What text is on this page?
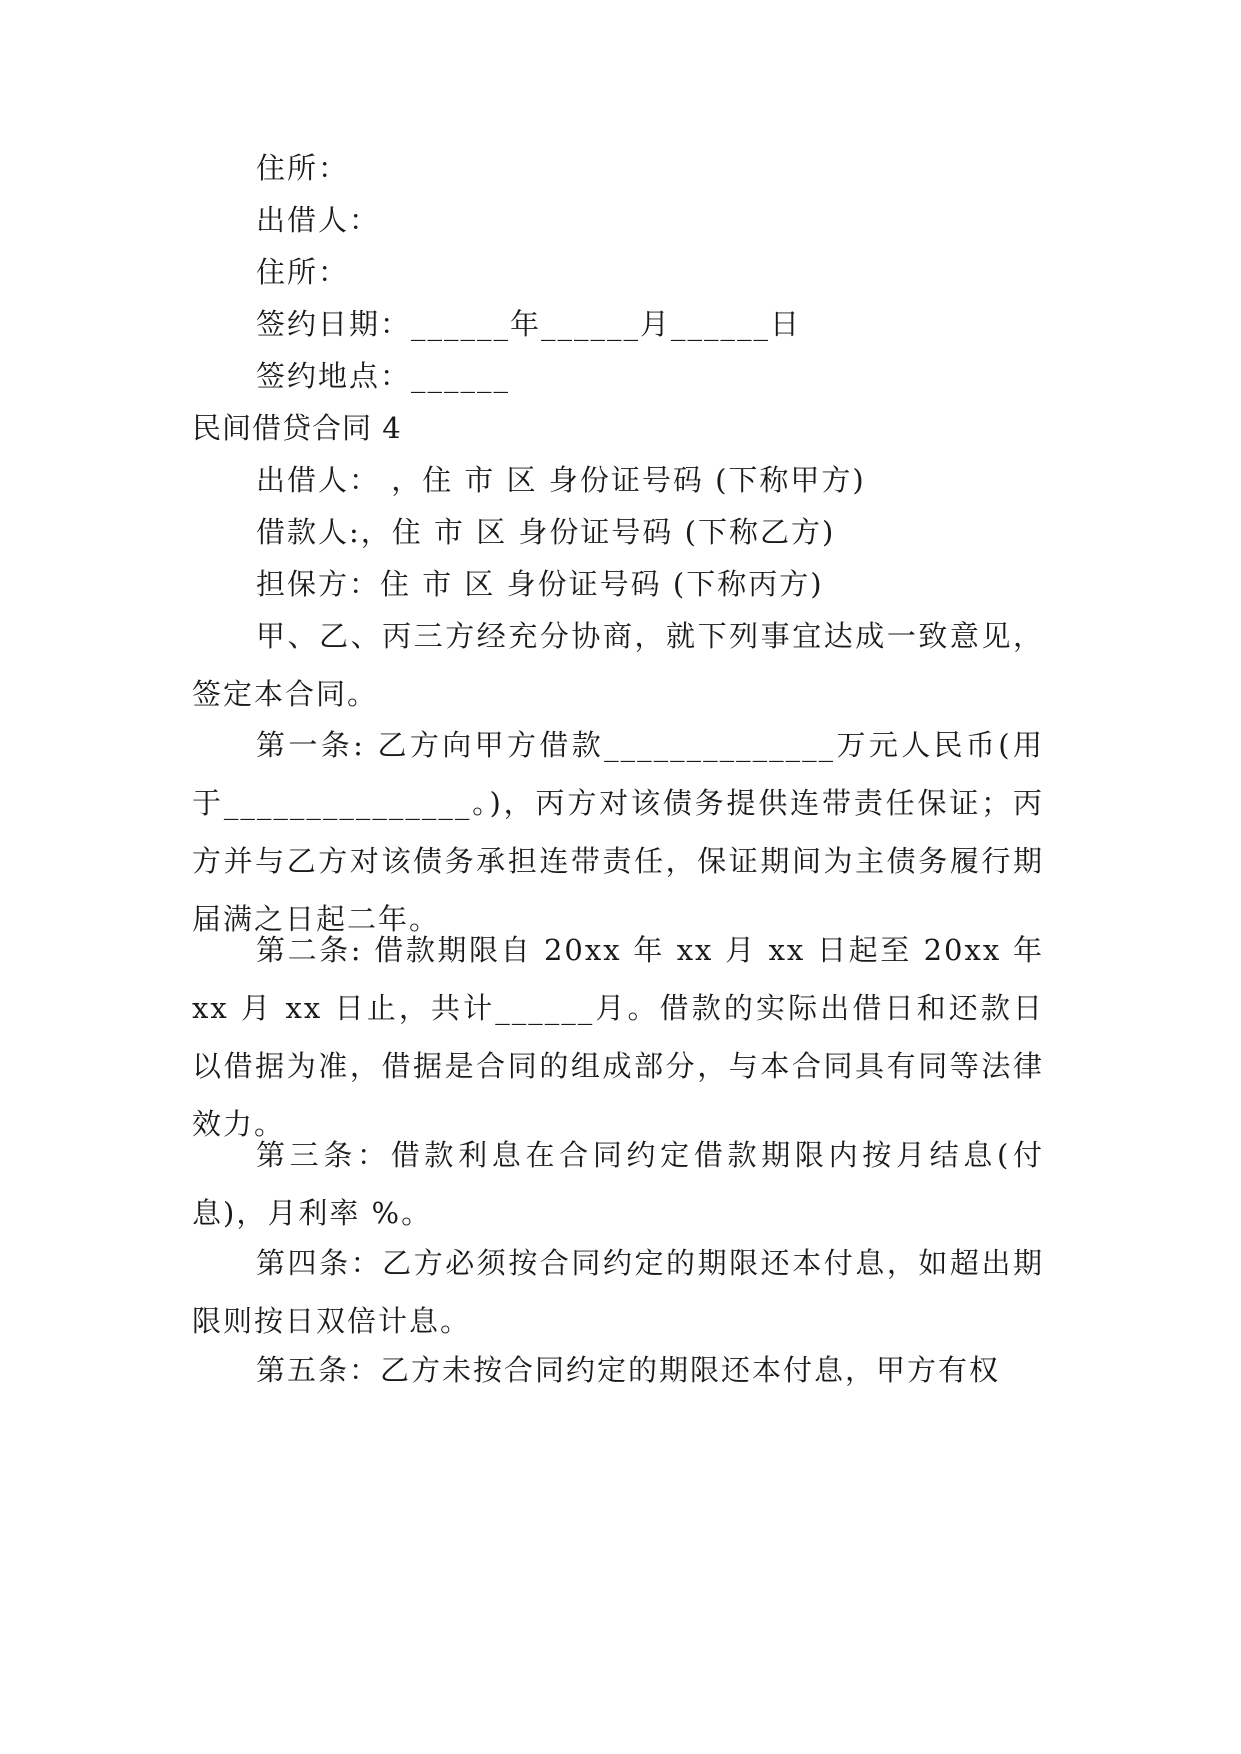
住所：
出借人：
住所：
签约日期：______年______月______日
签约地点：______
民间借贷合同 4
出借人： ，住 市 区 身份证号码 (下称甲方)
借款人:，住 市 区 身份证号码 (下称乙方)
担保方：住 市 区 身份证号码 (下称丙方)
甲、乙、丙三方经充分协商，就下列事宜达成一致意见，签定本合同。
第一条: 乙方向甲方借款______________万元人民币(用于_______________。)，丙方对该债务提供连带责任保证；丙方并与乙方对该债务承担连带责任，保证期间为主债务履行期届满之日起二年。
第二条: 借款期限自 20xx 年 xx 月 xx 日起至 20xx 年 xx 月 xx 日止，共计______月。借款的实际出借日和还款日以借据为准，借据是合同的组成部分，与本合同具有同等法律效力。
第三条：借款利息在合同约定借款期限内按月结息(付息)，月利率 %。
第四条：乙方必须按合同约定的期限还本付息，如超出期限则按日双倍计息。
第五条：乙方未按合同约定的期限还本付息，甲方有权
